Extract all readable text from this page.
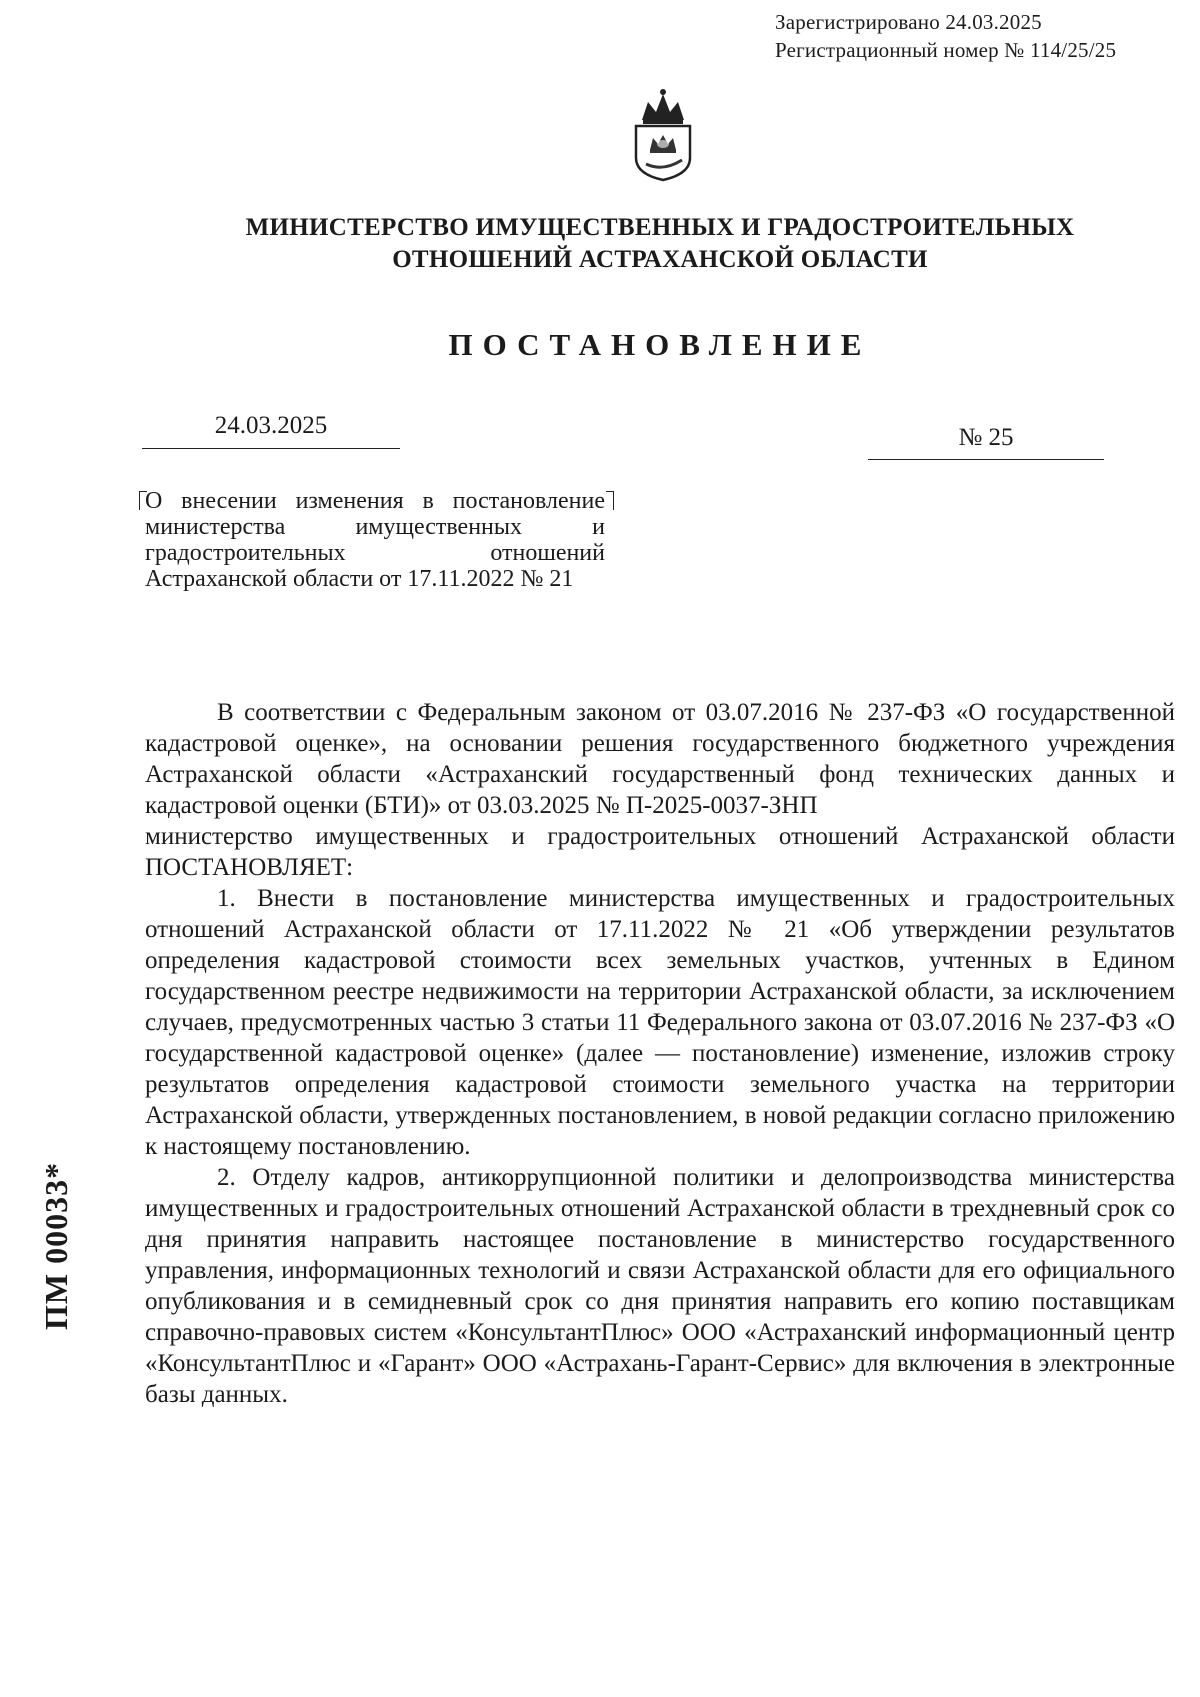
Зарегистрировано 24.03.2025
Регистрационный номер № 114/25/25
МИНИСТЕРСТВО ИМУЩЕСТВЕННЫХ И ГРАДОСТРОИТЕЛЬНЫХ
ОТНОШЕНИЙ АСТРАХАНСКОЙ ОБЛАСТИ
ПОСТАНОВЛЕНИЕ
24.03.2025	№ 25
О внесении изменения в постановление министерства имущественных и градостроительных отношений Астраханской области от 17.11.2022 № 21

В соответствии с Федеральным законом от 03.07.2016 № 237-ФЗ «О государственной кадастровой оценке», на основании решения государственного бюджетного учреждения Астраханской области «Астраханский государственный фонд технических данных и кадастровой оценки (БТИ)» от 03.03.2025 № П-2025-0037-ЗНП

министерство имущественных и градостроительных отношений Астраханской области ПОСТАНОВЛЯЕТ:

1. Внести в постановление министерства имущественных и градостроительных отношений Астраханской области от 17.11.2022 № 21 «Об утверждении результатов определения кадастровой стоимости всех земельных участков, учтенных в Едином государственном реестре недвижимости на территории Астраханской области, за исключением случаев, предусмотренных частью 3 статьи 11 Федерального закона от 03.07.2016 № 237-ФЗ «О государственной кадастровой оценке» (далее — постановление) изменение, изложив строку результатов определения кадастровой стоимости земельного участка на территории Астраханской области, утвержденных постановлением, в новой редакции согласно приложению к настоящему постановлению.

2. Отделу кадров, антикоррупционной политики и делопроизводства министерства имущественных и градостроительных отношений Астраханской области в трехдневный срок со дня принятия направить настоящее постановление в министерство государственного управления, информационных технологий и связи Астраханской области для его официального опубликования и в семидневный срок со дня принятия направить его копию поставщикам справочно-правовых систем «КонсультантПлюс» ООО «Астраханский информационный центр «КонсультантПлюс и «Гарант» ООО «Астрахань-Гарант-Сервис» для включения в электронные базы данных.

ПМ 00033*
